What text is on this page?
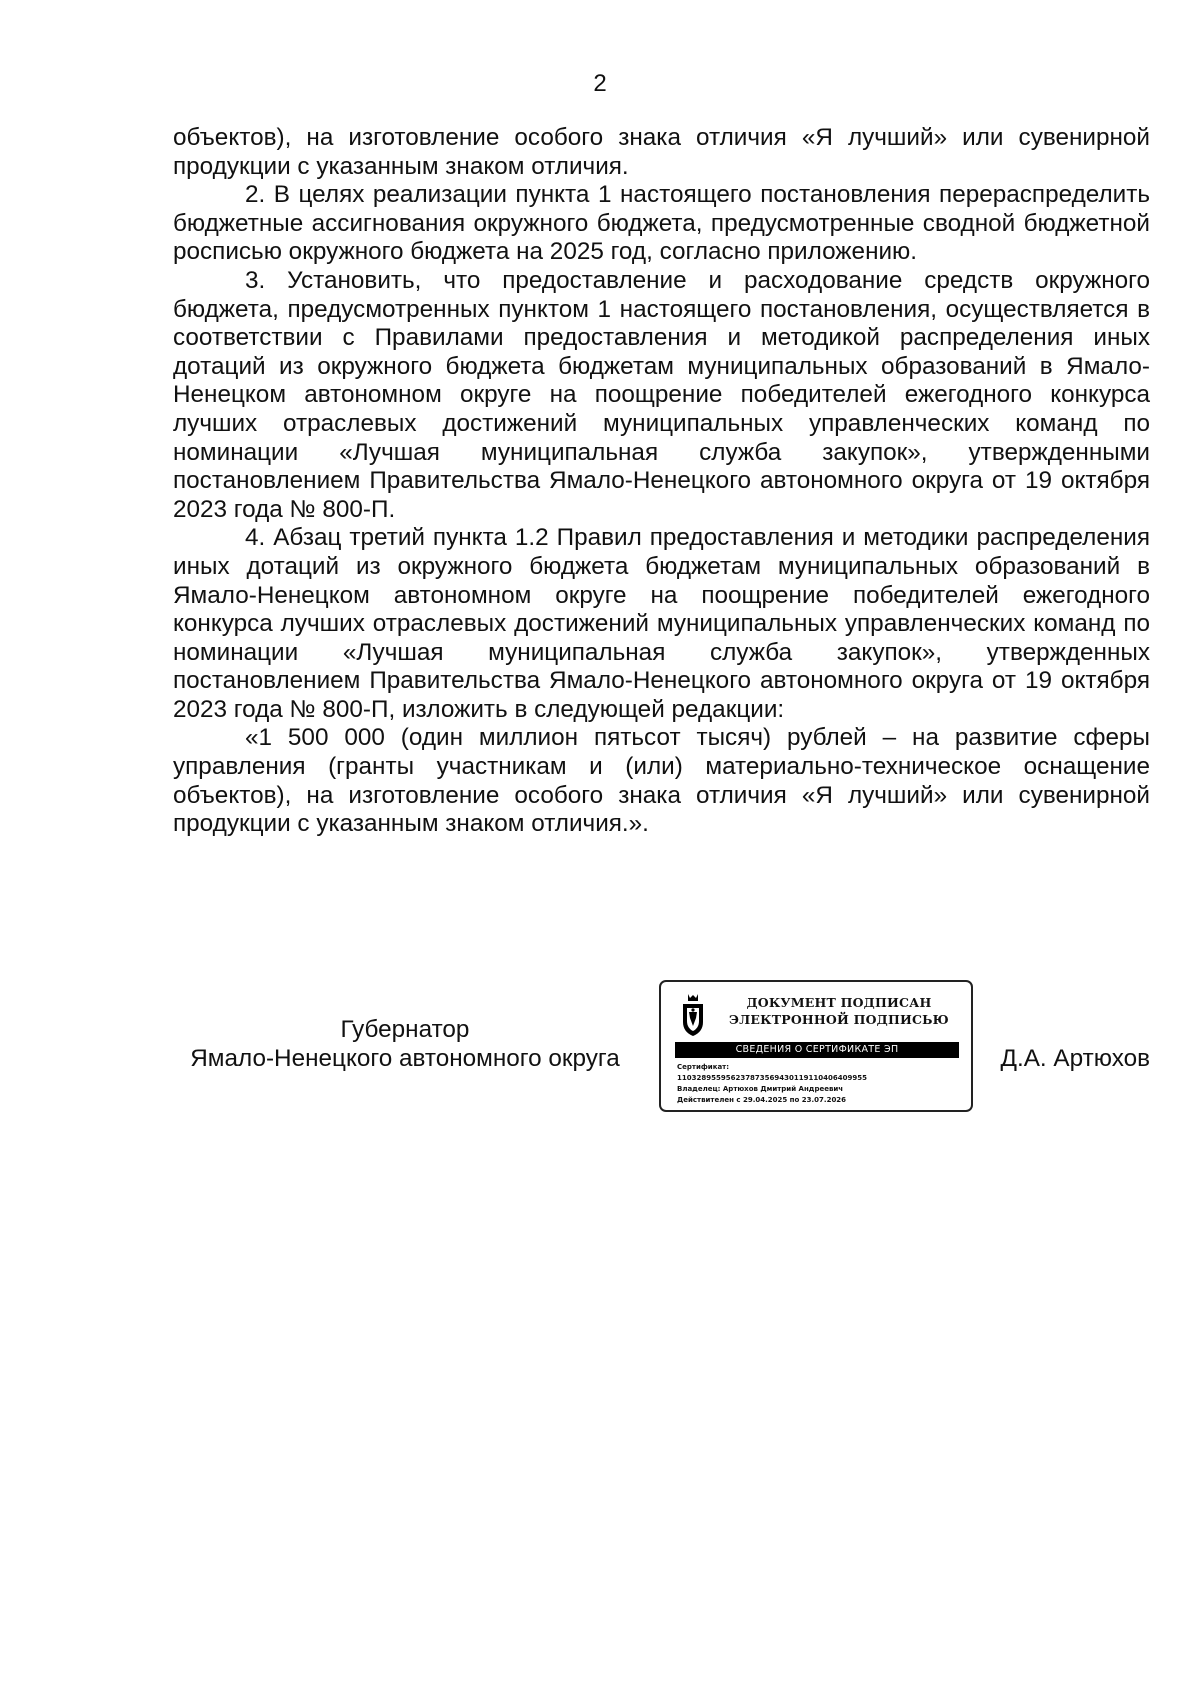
2

объектов), на изготовление особого знака отличия «Я лучший» или сувенирной продукции с указанным знаком отличия.

2. В целях реализации пункта 1 настоящего постановления перераспределить бюджетные ассигнования окружного бюджета, предусмотренные сводной бюджетной росписью окружного бюджета на 2025 год, согласно приложению.

3. Установить, что предоставление и расходование средств окружного бюджета, предусмотренных пунктом 1 настоящего постановления, осуществляется в соответствии с Правилами предоставления и методикой распределения иных дотаций из окружного бюджета бюджетам муниципальных образований в Ямало-Ненецком автономном округе на поощрение победителей ежегодного конкурса лучших отраслевых достижений муниципальных управленческих команд по номинации «Лучшая муниципальная служба закупок», утвержденными постановлением Правительства Ямало-Ненецкого автономного округа от 19 октября 2023 года № 800-П.

4. Абзац третий пункта 1.2 Правил предоставления и методики распределения иных дотаций из окружного бюджета бюджетам муниципальных образований в Ямало-Ненецком автономном округе на поощрение победителей ежегодного конкурса лучших отраслевых достижений муниципальных управленческих команд по номинации «Лучшая муниципальная служба закупок», утвержденных постановлением Правительства Ямало-Ненецкого автономного округа от 19 октября 2023 года № 800-П, изложить в следующей редакции:

«1 500 000 (один миллион пятьсот тысяч) рублей – на развитие сферы управления (гранты участникам и (или) материально-техническое оснащение объектов), на изготовление особого знака отличия «Я лучший» или сувенирной продукции с указанным знаком отличия.».

Губернатор
Ямало-Ненецкого автономного округа
ДОКУМЕНТ ПОДПИСАН
ЭЛЕКТРОННОЙ ПОДПИСЬЮ
СВЕДЕНИЯ О СЕРТИФИКАТЕ ЭП
Сертификат:
110328955956237873569430119110406409955
Владелец: Артюхов Дмитрий Андреевич
Действителен с 29.04.2025 по 23.07.2026
Д.А. Артюхов
